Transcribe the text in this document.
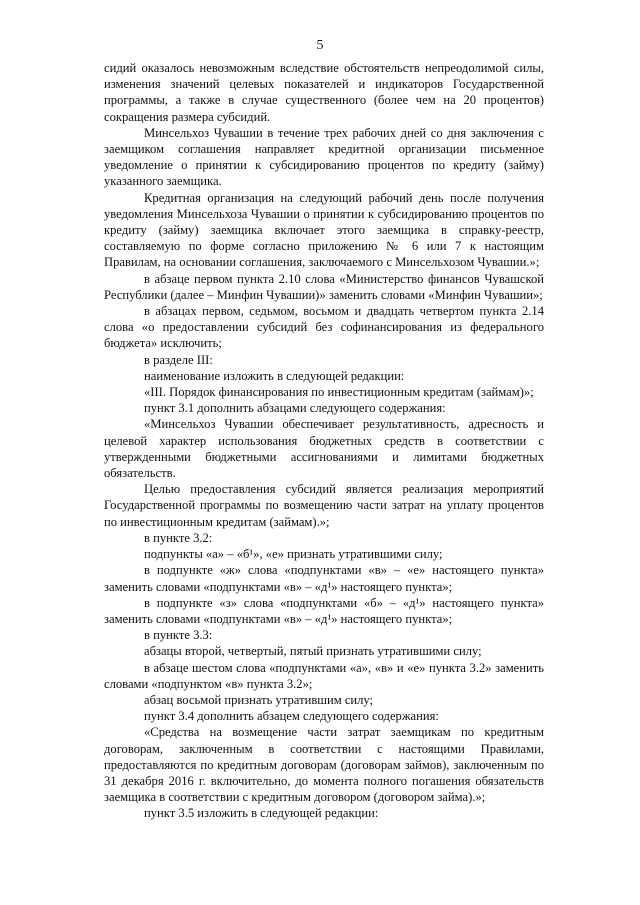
5

сидий оказалось невозможным вследствие обстоятельств непреодолимой силы, изменения значений целевых показателей и индикаторов Государственной программы, а также в случае существенного (более чем на 20 процентов) сокращения размера субсидий.

Минсельхоз Чувашии в течение трех рабочих дней со дня заключения с заемщиком соглашения направляет кредитной организации письменное уведомление о принятии к субсидированию процентов по кредиту (займу) указанного заемщика.

Кредитная организация на следующий рабочий день после получения уведомления Минсельхоза Чувашии о принятии к субсидированию процентов по кредиту (займу) заемщика включает этого заемщика в справку-реестр, составляемую по форме согласно приложению № 6 или 7 к настоящим Правилам, на основании соглашения, заключаемого с Минсельхозом Чувашии.»;

в абзаце первом пункта 2.10 слова «Министерство финансов Чувашской Республики (далее – Минфин Чувашии)» заменить словами «Минфин Чувашии»;

в абзацах первом, седьмом, восьмом и двадцать четвертом пункта 2.14 слова «о предоставлении субсидий без софинансирования из федерального бюджета» исключить;

в разделе III:

наименование изложить в следующей редакции:

«III. Порядок финансирования по инвестиционным кредитам (займам)»;

пункт 3.1 дополнить абзацами следующего содержания:

«Минсельхоз Чувашии обеспечивает результативность, адресность и целевой характер использования бюджетных средств в соответствии с утвержденными бюджетными ассигнованиями и лимитами бюджетных обязательств.

Целью предоставления субсидий является реализация мероприятий Государственной программы по возмещению части затрат на уплату процентов по инвестиционным кредитам (займам).»;

в пункте 3.2:

подпункты «а» – «б¹», «е» признать утратившими силу;

в подпункте «ж» слова «подпунктами «в» – «е» настоящего пункта» заменить словами «подпунктами «в» – «д¹» настоящего пункта»;

в подпункте «з» слова «подпунктами «б» – «д¹» настоящего пункта» заменить словами «подпунктами «в» – «д¹» настоящего пункта»;

в пункте 3.3:

абзацы второй, четвертый, пятый признать утратившими силу;

в абзаце шестом слова «подпунктами «а», «в» и «е» пункта 3.2» заменить словами «подпунктом «в» пункта 3.2»;

абзац восьмой признать утратившим силу;

пункт 3.4 дополнить абзацем следующего содержания:

«Средства на возмещение части затрат заемщикам по кредитным договорам, заключенным в соответствии с настоящими Правилами, предоставляются по кредитным договорам (договорам займов), заключенным по 31 декабря 2016 г. включительно, до момента полного погашения обязательств заемщика в соответствии с кредитным договором (договором займа).»;

пункт 3.5 изложить в следующей редакции:
